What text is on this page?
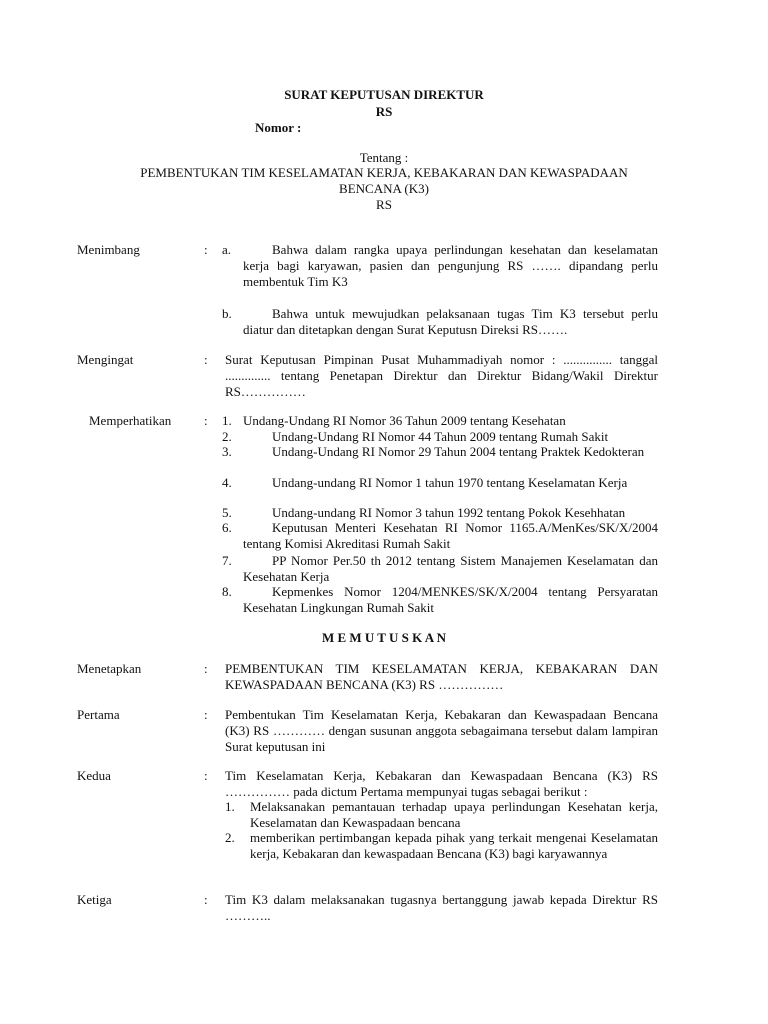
SURAT KEPUTUSAN DIREKTUR
RS
Nomor :
Tentang :
PEMBENTUKAN TIM KESELAMATAN KERJA, KEBAKARAN DAN KEWASPADAAN
BENCANA (K3)
RS
Menimbang	: a.	Bahwa dalam rangka upaya perlindungan kesehatan dan keselamatan kerja bagi karyawan, pasien dan pengunjung RS ……. dipandang perlu membentuk Tim K3
b.	Bahwa untuk mewujudkan pelaksanaan tugas Tim K3 tersebut perlu diatur dan ditetapkan dengan Surat Keputusn Direksi RS…….
Mengingat	: Surat Keputusan Pimpinan Pusat Muhammadiyah nomor : ............... tanggal .............. tentang Penetapan Direktur dan Direktur Bidang/Wakil Direktur RS……………
Memperhatikan	: 1. Undang-Undang RI Nomor 36 Tahun 2009 tentang Kesehatan
2.	Undang-Undang RI Nomor 44 Tahun 2009 tentang Rumah Sakit
3.	Undang-Undang RI Nomor 29 Tahun 2004 tentang Praktek Kedokteran
4.	Undang-undang RI Nomor 1 tahun 1970 tentang Keselamatan Kerja
5.	Undang-undang RI Nomor 3 tahun 1992 tentang Pokok Kesehhatan
6.	Keputusan Menteri Kesehatan RI Nomor 1165.A/MenKes/SK/X/2004 tentang Komisi Akreditasi Rumah Sakit
7.	PP Nomor Per.50 th 2012 tentang Sistem Manajemen Keselamatan dan Kesehatan Kerja
8.	Kepmenkes Nomor 1204/MENKES/SK/X/2004 tentang Persyaratan Kesehatan Lingkungan Rumah Sakit
M E M U T U S K A N
Menetapkan	: PEMBENTUKAN TIM KESELAMATAN KERJA, KEBAKARAN DAN KEWASPADAAN BENCANA (K3) RS ……………
Pertama	: Pembentukan Tim Keselamatan Kerja, Kebakaran dan Kewaspadaan Bencana (K3) RS ………… dengan susunan anggota sebagaimana tersebut dalam lampiran Surat keputusan ini
Kedua	: Tim Keselamatan Kerja, Kebakaran dan Kewaspadaan Bencana (K3) RS …………… pada dictum Pertama mempunyai tugas sebagai berikut :
1. Melaksanakan pemantauan terhadap upaya perlindungan Kesehatan kerja, Keselamatan dan Kewaspadaan bencana
2. memberikan pertimbangan kepada pihak yang terkait mengenai Keselamatan kerja, Kebakaran dan kewaspadaan Bencana (K3) bagi karyawannya
Ketiga	: Tim K3 dalam melaksanakan tugasnya bertanggung jawab kepada Direktur RS ………..
